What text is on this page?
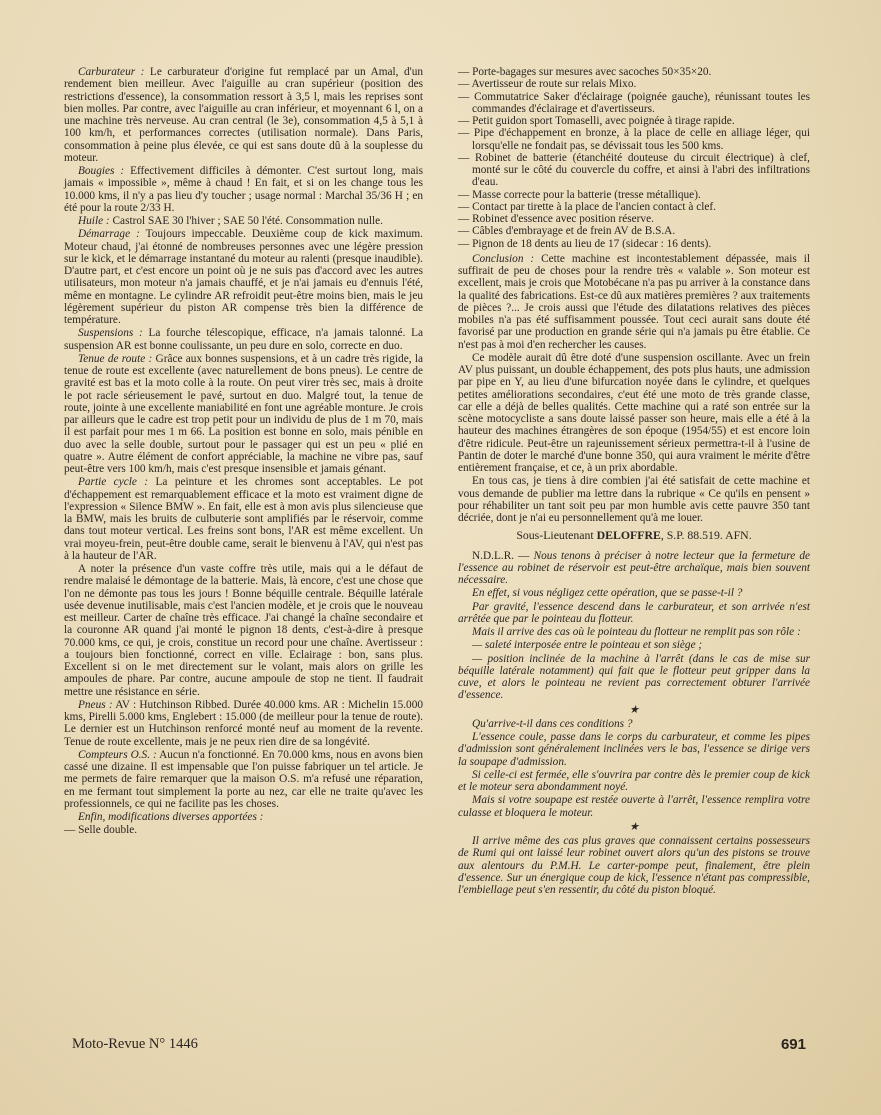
Carburateur : Le carburateur d'origine fut remplacé par un Amal, d'un rendement bien meilleur. Avec l'aiguille au cran supérieur (position des restrictions d'essence), la consommation ressort à 3,5 l, mais les reprises sont bien molles. Par contre, avec l'aiguille au cran inférieur, et moyennant 6 l, on a une machine très nerveuse. Au cran central (le 3e), consommation 4,5 à 5,1 à 100 km/h, et performances correctes (utilisation normale). Dans Paris, consommation à peine plus élevée, ce qui est sans doute dû à la souplesse du moteur.

Bougies : Effectivement difficiles à démonter. C'est surtout long, mais jamais « impossible », même à chaud ! En fait, et si on les change tous les 10.000 kms, il n'y a pas lieu d'y toucher ; usage normal : Marchal 35/36 H ; en été pour la route 2/33 H.

Huile : Castrol SAE 30 l'hiver ; SAE 50 l'été. Consommation nulle.

Démarrage : Toujours impeccable. Deuxième coup de kick maximum. Moteur chaud, j'ai étonné de nombreuses personnes avec une légère pression sur le kick, et le démarrage instantané du moteur au ralenti (presque inaudible). D'autre part, et c'est encore un point où je ne suis pas d'accord avec les autres utilisateurs, mon moteur n'a jamais chauffé, et je n'ai jamais eu d'ennuis l'été, même en montagne. Le cylindre AR refroidit peut-être moins bien, mais le jeu légèrement supérieur du piston AR compense très bien la différence de température.

Suspensions : La fourche télescopique, efficace, n'a jamais talonné. La suspension AR est bonne coulissante, un peu dure en solo, correcte en duo.

Tenue de route : Grâce aux bonnes suspensions, et à un cadre très rigide, la tenue de route est excellente (avec naturellement de bons pneus). Le centre de gravité est bas et la moto colle à la route. On peut virer très sec, mais à droite le pot racle sérieusement le pavé, surtout en duo. Malgré tout, la tenue de route, jointe à une excellente maniabilité en font une agréable monture. Je crois par ailleurs que le cadre est trop petit pour un individu de plus de 1 m 70, mais il est parfait pour mes 1 m 66. La position est bonne en solo, mais pénible en duo avec la selle double, surtout pour le passager qui est un peu « plié en quatre ». Autre élément de confort appréciable, la machine ne vibre pas, sauf peut-être vers 100 km/h, mais c'est presque insensible et jamais génant.

Partie cycle : La peinture et les chromes sont acceptables. Le pot d'échappement est remarquablement efficace et la moto est vraiment digne de l'expression « Silence BMW ». En fait, elle est à mon avis plus silencieuse que la BMW, mais les bruits de culbuterie sont amplifiés par le réservoir, comme dans tout moteur vertical. Les freins sont bons, l'AR est même excellent. Un vrai moyeu-frein, peut-être double came, serait le bienvenu à l'AV, qui n'est pas à la hauteur de l'AR.

A noter la présence d'un vaste coffre très utile, mais qui a le défaut de rendre malaisé le démontage de la batterie. Mais, là encore, c'est une chose que l'on ne démonte pas tous les jours ! Bonne béquille centrale. Béquille latérale usée devenue inutilisable, mais c'est l'ancien modèle, et je crois que le nouveau est meilleur. Carter de chaîne très efficace. J'ai changé la chaîne secondaire et la couronne AR quand j'ai monté le pignon 18 dents, c'est-à-dire à presque 70.000 kms, ce qui, je crois, constitue un record pour une chaîne. Avertisseur : a toujours bien fonctionné, correct en ville. Eclairage : bon, sans plus. Excellent si on le met directement sur le volant, mais alors on grille les ampoules de phare. Par contre, aucune ampoule de stop ne tient. Il faudrait mettre une résistance en série.

Pneus : AV : Hutchinson Ribbed. Durée 40.000 kms. AR : Michelin 15.000 kms, Pirelli 5.000 kms, Englebert : 15.000 (de meilleur pour la tenue de route). Le dernier est un Hutchinson renforcé monté neuf au moment de la revente. Tenue de route excellente, mais je ne peux rien dire de sa longévité.

Compteurs O.S. : Aucun n'a fonctionné. En 70.000 kms, nous en avons bien cassé une dizaine. Il est impensable que l'on puisse fabriquer un tel article. Je me permets de faire remarquer que la maison O.S. m'a refusé une réparation, en me fermant tout simplement la porte au nez, car elle ne traite qu'avec les professionnels, ce qui ne facilite pas les choses.

Enfin, modifications diverses apportées :

— Selle double.
— Porte-bagages sur mesures avec sacoches 50×35×20.
— Avertisseur de route sur relais Mixo.
— Commutatrice Saker d'éclairage (poignée gauche), réunissant toutes les commandes d'éclairage et d'avertisseurs.
— Petit guidon sport Tomaselli, avec poignée à tirage rapide.
— Pipe d'échappement en bronze, à la place de celle en alliage léger, qui lorsqu'elle ne fondait pas, se dévissait tous les 500 kms.
— Robinet de batterie (étanchéité douteuse du circuit électrique) à clef, monté sur le côté du couvercle du coffre, et ainsi à l'abri des infiltrations d'eau.
— Masse correcte pour la batterie (tresse métallique).
— Contact par tirette à la place de l'ancien contact à clef.
— Robinet d'essence avec position réserve.
— Câbles d'embrayage et de frein AV de B.S.A.
— Pignon de 18 dents au lieu de 17 (sidecar : 16 dents).

Conclusion : Cette machine est incontestablement dépassée, mais il suffirait de peu de choses pour la rendre très « valable ». Son moteur est excellent, mais je crois que Motobécane n'a pas pu arriver à la constance dans la qualité des fabrications. Est-ce dû aux matières premières ? aux traitements de pièces ?... Je crois aussi que l'étude des dilatations relatives des pièces mobiles n'a pas été suffisamment poussée. Tout ceci aurait sans doute été favorisé par une production en grande série qui n'a jamais pu être établie. Ce n'est pas à moi d'en rechercher les causes.

Ce modèle aurait dû être doté d'une suspension oscillante. Avec un frein AV plus puissant, un double échappement, des pots plus hauts, une admission par pipe en Y, au lieu d'une bifurcation noyée dans le cylindre, et quelques petites améliorations secondaires, c'eut été une moto de très grande classe, car elle a déjà de belles qualités. Cette machine qui a raté son entrée sur la scène motocycliste a sans doute laissé passer son heure, mais elle a été à la hauteur des machines étrangères de son époque (1954/55) et est encore loin d'être ridicule. Peut-être un rajeunissement sérieux permettra-t-il à l'usine de Pantin de doter le marché d'une bonne 350, qui aura vraiment le mérite d'être entièrement française, et ce, à un prix abordable.

En tous cas, je tiens à dire combien j'ai été satisfait de cette machine et vous demande de publier ma lettre dans la rubrique « Ce qu'ils en pensent » pour réhabiliter un tant soit peu par mon humble avis cette pauvre 350 tant décriée, dont je n'ai eu personnellement qu'à me louer.

Sous-Lieutenant DELOFFRE, S.P. 88.519. AFN.

N.D.L.R. — Nous tenons à préciser à notre lecteur que la fermeture de l'essence au robinet de réservoir est peut-être archaïque, mais bien souvent nécessaire.

En effet, si vous négligez cette opération, que se passe-t-il ?

Par gravité, l'essence descend dans le carburateur, et son arrivée n'est arrêtée que par le pointeau du flotteur.

Mais il arrive des cas où le pointeau du flotteur ne remplit pas son rôle :

— saleté interposée entre le pointeau et son siège ;

— position inclinée de la machine à l'arrêt (dans le cas de mise sur béquille latérale notamment) qui fait que le flotteur peut gripper dans la cuve, et alors le pointeau ne revient pas correctement obturer l'arrivée d'essence.

★

Qu'arrive-t-il dans ces conditions ?

L'essence coule, passe dans le corps du carburateur, et comme les pipes d'admission sont généralement inclinées vers le bas, l'essence se dirige vers la soupape d'admission.

Si celle-ci est fermée, elle s'ouvrira par contre dès le premier coup de kick et le moteur sera abondamment noyé.

Mais si votre soupape est restée ouverte à l'arrêt, l'essence remplira votre culasse et bloquera le moteur.

★

Il arrive même des cas plus graves que connaissent certains possesseurs de Rumi qui ont laissé leur robinet ouvert alors qu'un des pistons se trouve aux alentours du P.M.H. Le carter-pompe peut, finalement, être plein d'essence. Sur un énergique coup de kick, l'essence n'étant pas compressible, l'embiellage peut s'en ressentir, du côté du piston bloqué.

Moto-Revue N° 1446	691
